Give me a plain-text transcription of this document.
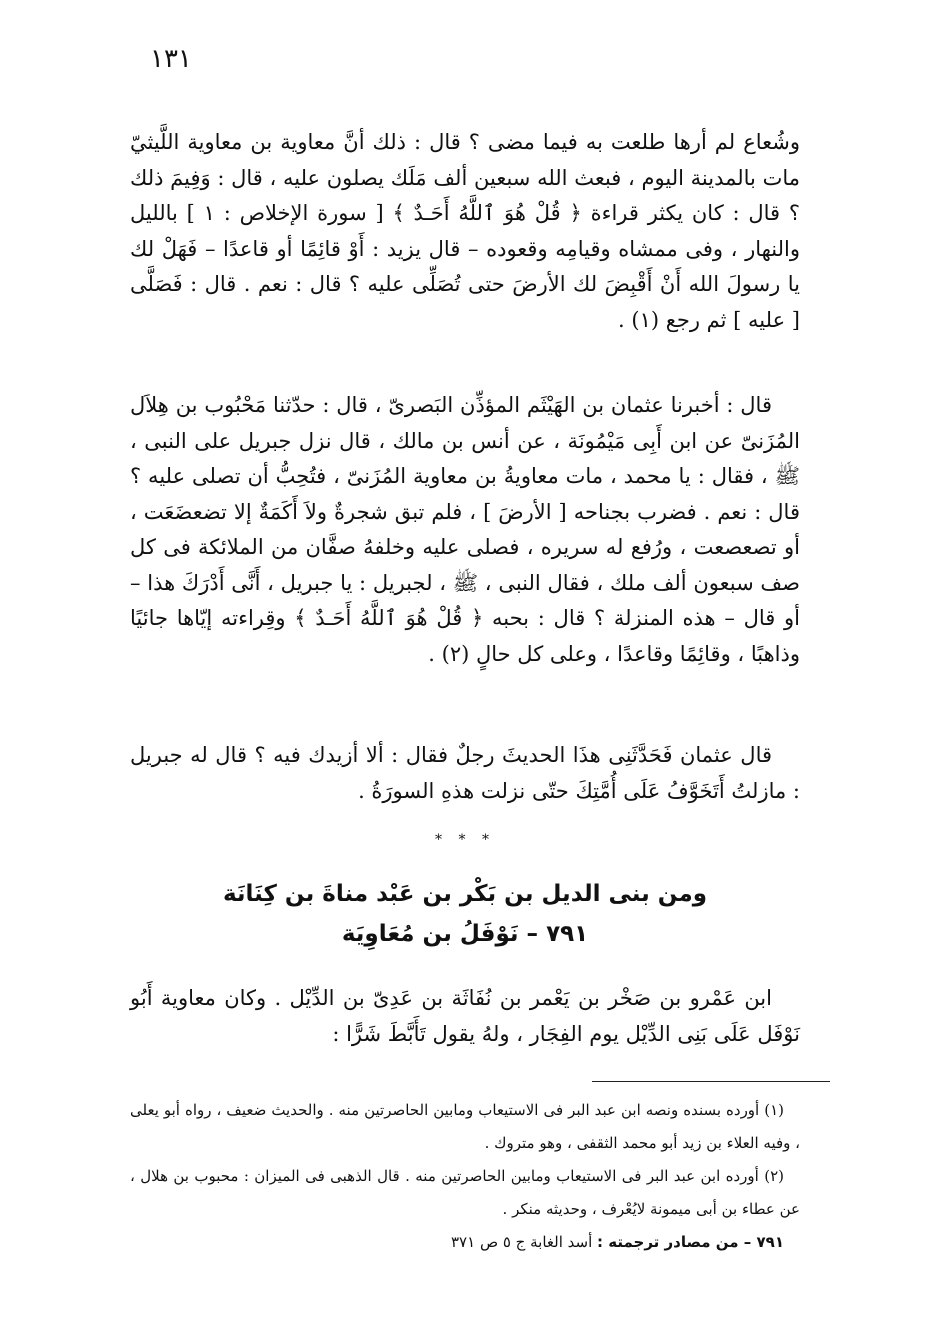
١٣١

وشُعاع لم أرها طلعت به فيما مضى ؟ قال : ذلك أنَّ معاوية بن معاوية اللَّيثيّ مات بالمدينة اليوم ، فبعث الله سبعين ألف مَلَك يصلون عليه ، قال : وَفِيمَ ذلك ؟ قال : كان يكثر قراءة ﴿ قُلْ هُوَ ٱللَّهُ أَحَـدٌ ﴾ [ سورة الإخلاص : ١ ] بالليل والنهار ، وفى ممشاه وقيامِه وقعوده – قال يزيد : أَوْ قائِمًا أو قاعدًا – فَهَلْ لك يا رسولَ الله أَنْ أَقْبِضَ لك الأرضَ حتى تُصَلِّى عليه ؟ قال : نعم . قال : فَصَلَّى [ عليه ] ثم رجع (١) .

قال : أخبرنا عثمان بن الهَيْثَم المؤذِّن البَصرىّ ، قال : حدّثنا مَحْبُوب بن هِلاَل المُزَنىّ عن ابن أَبِى مَيْمُونَة ، عن أنس بن مالك ، قال نزل جبريل على النبى ، ﷺ ، فقال : يا محمد ، مات معاويةُ بن معاوية المُزَنىّ ، فتُحِبُّ أن تصلى عليه ؟ قال : نعم . فضرب بجناحه [ الأرضَ ] ، فلم تبق شجرةٌ ولاَ أَكَمَةٌ إلا تضعضَعَت ، أو تصعصعت ، ورُفع له سريره ، فصلى عليه وخلفهُ صفَّان من الملائكة فى كل صف سبعون ألف ملك ، فقال النبى ، ﷺ ، لجبريل : يا جبريل ، أَنَّى أَدْرَكَ هذا – أو قال – هذه المنزلة ؟ قال : بحبه ﴿ قُلْ هُوَ ٱللَّهُ أَحَـدٌ ﴾ وقِراءته إيّاها جائيًا وذاهبًا ، وقائِمًا وقاعدًا ، وعلى كل حالٍ (٢) .

قال عثمان فَحَدَّثَنِى هذَا الحديثَ رجلٌ فقال : ألا أزيدك فيه ؟ قال له جبريل : مازلتُ أَتَخَوَّفُ عَلَى أُمَّتِكَ حتّى نزلت هذهِ السورَةُ .

* * *
ومن بنى الديل بن بَكْر بن عَبْد مناةَ بن كِنَانَة
٧٩١ – نَوْفَلُ بن مُعَاوِيَة

ابن عَمْرو بن صَخْر بن يَعْمر بن نُفَاثَة بن عَدِىّ بن الدِّيْل . وكان معاوية أَبُو نَوْفَل عَلَى بَنِى الدِّيْل يوم الفِجَار ، ولهُ يقول تَأَبَّطَ شَرًّا :

(١) أورده بسنده ونصه ابن عبد البر فى الاستيعاب ومابين الحاصرتين منه . والحديث ضعيف ، رواه أبو يعلى ، وفيه العلاء بن زيد أبو محمد الثقفى ، وهو متروك .

(٢) أورده ابن عبد البر فى الاستيعاب ومابين الحاصرتين منه . قال الذهبى فى الميزان : محبوب بن هلال ، عن عطاء بن أبى ميمونة لايُعْرف ، وحديثه منكر .

٧٩١ – من مصادر ترجمته : أسد الغابة ج ٥ ص ٣٧١
